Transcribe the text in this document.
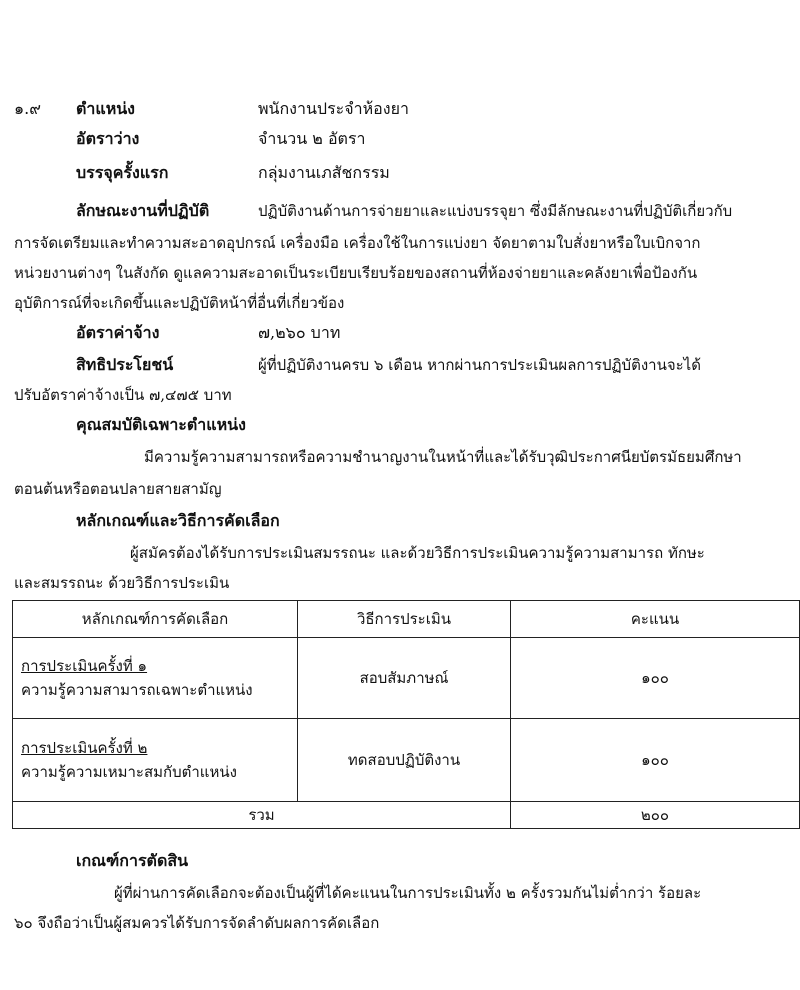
๑.๙ ตำแหน่ง	พนักงานประจำห้องยา
อัตราว่าง	จำนวน ๒ อัตรา
บรรจุครั้งแรก	กลุ่มงานเภสัชกรรม
ลักษณะงานที่ปฏิบัติ	ปฏิบัติงานด้านการจ่ายยาและแบ่งบรรจุยา ซึ่งมีลักษณะงานที่ปฏิบัติเกี่ยวกับ
การจัดเตรียมและทำความสะอาดอุปกรณ์ เครื่องมือ เครื่องใช้ในการแบ่งยา จัดยาตามใบสั่งยาหรือใบเบิกจาก
หน่วยงานต่างๆ ในสังกัด ดูแลความสะอาดเป็นระเบียบเรียบร้อยของสถานที่ห้องจ่ายยาและคลังยาเพื่อป้องกัน
อุบัติการณ์ที่จะเกิดขึ้นและปฏิบัติหน้าที่อื่นที่เกี่ยวข้อง
อัตราค่าจ้าง	๗,๒๖๐ บาท
สิทธิประโยชน์	ผู้ที่ปฏิบัติงานครบ ๖ เดือน หากผ่านการประเมินผลการปฏิบัติงานจะได้
ปรับอัตราค่าจ้างเป็น ๗,๔๗๕ บาท
คุณสมบัติเฉพาะตำแหน่ง
มีความรู้ความสามารถหรือความชำนาญงานในหน้าที่และได้รับวุฒิประกาศนียบัตรมัธยมศึกษา
ตอนต้นหรือตอนปลายสายสามัญ
หลักเกณฑ์และวิธีการคัดเลือก
ผู้สมัครต้องได้รับการประเมินสมรรถนะ และด้วยวิธีการประเมินความรู้ความสามารถ ทักษะ
และสมรรถนะ ด้วยวิธีการประเมิน
หลักเกณฑ์การคัดเลือก	วิธีการประเมิน	คะแนน

การประเมินครั้งที่ ๑
ความรู้ความสามารถเฉพาะตำแหน่ง	สอบสัมภาษณ์	๑๐๐

การประเมินครั้งที่ ๒
ความรู้ความเหมาะสมกับตำแหน่ง	ทดสอบปฏิบัติงาน	๑๐๐
รวม		๒๐๐
เกณฑ์การตัดสิน
ผู้ที่ผ่านการคัดเลือกจะต้องเป็นผู้ที่ได้คะแนนในการประเมินทั้ง ๒ ครั้งรวมกันไม่ต่ำกว่า ร้อยละ
๖๐ จึงถือว่าเป็นผู้สมควรได้รับการจัดลำดับผลการคัดเลือก
